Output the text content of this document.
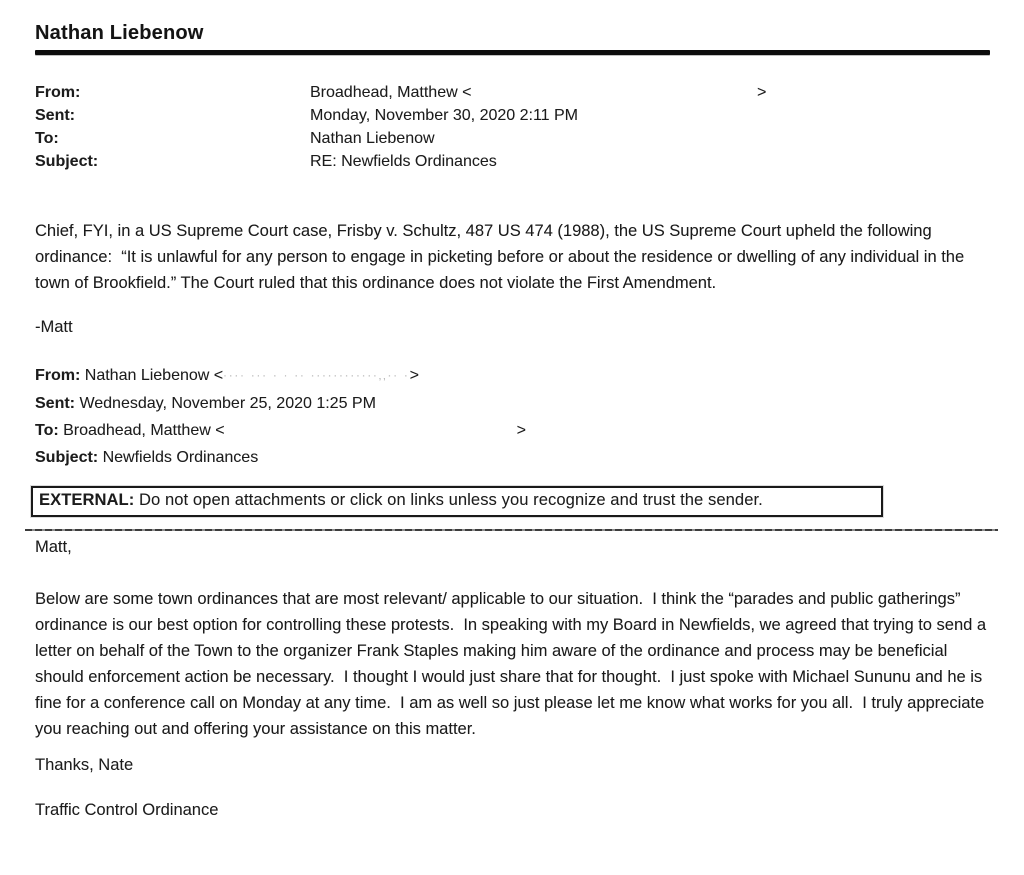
Nathan Liebenow
From:	Broadhead, Matthew <	>
Sent:	Monday, November 30, 2020 2:11 PM
To:	Nathan Liebenow
Subject:	RE: Newfields Ordinances

Chief, FYI, in a US Supreme Court case, Frisby v. Schultz, 487 US 474 (1988), the US Supreme Court upheld the following ordinance:  “It is unlawful for any person to engage in picketing before or about the residence or dwelling of any individual in the town of Brookfield.” The Court ruled that this ordinance does not violate the First Amendment.

-Matt
From: Nathan Liebenow <···· ··· · · ·· ············‚‚·· ·>
Sent: Wednesday, November 25, 2020 1:25 PM
To: Broadhead, Matthew <	>
Subject: Newfields Ordinances
EXTERNAL: Do not open attachments or click on links unless you recognize and trust the sender.
Matt,

Below are some town ordinances that are most relevant/ applicable to our situation.  I think the “parades and public gatherings” ordinance is our best option for controlling these protests.  In speaking with my Board in Newfields, we agreed that trying to send a letter on behalf of the Town to the organizer Frank Staples making him aware of the ordinance and process may be beneficial should enforcement action be necessary.  I thought I would just share that for thought.  I just spoke with Michael Sununu and he is fine for a conference call on Monday at any time.  I am as well so just please let me know what works for you all.  I truly appreciate you reaching out and offering your assistance on this matter.

Thanks, Nate
Traffic Control Ordinance
